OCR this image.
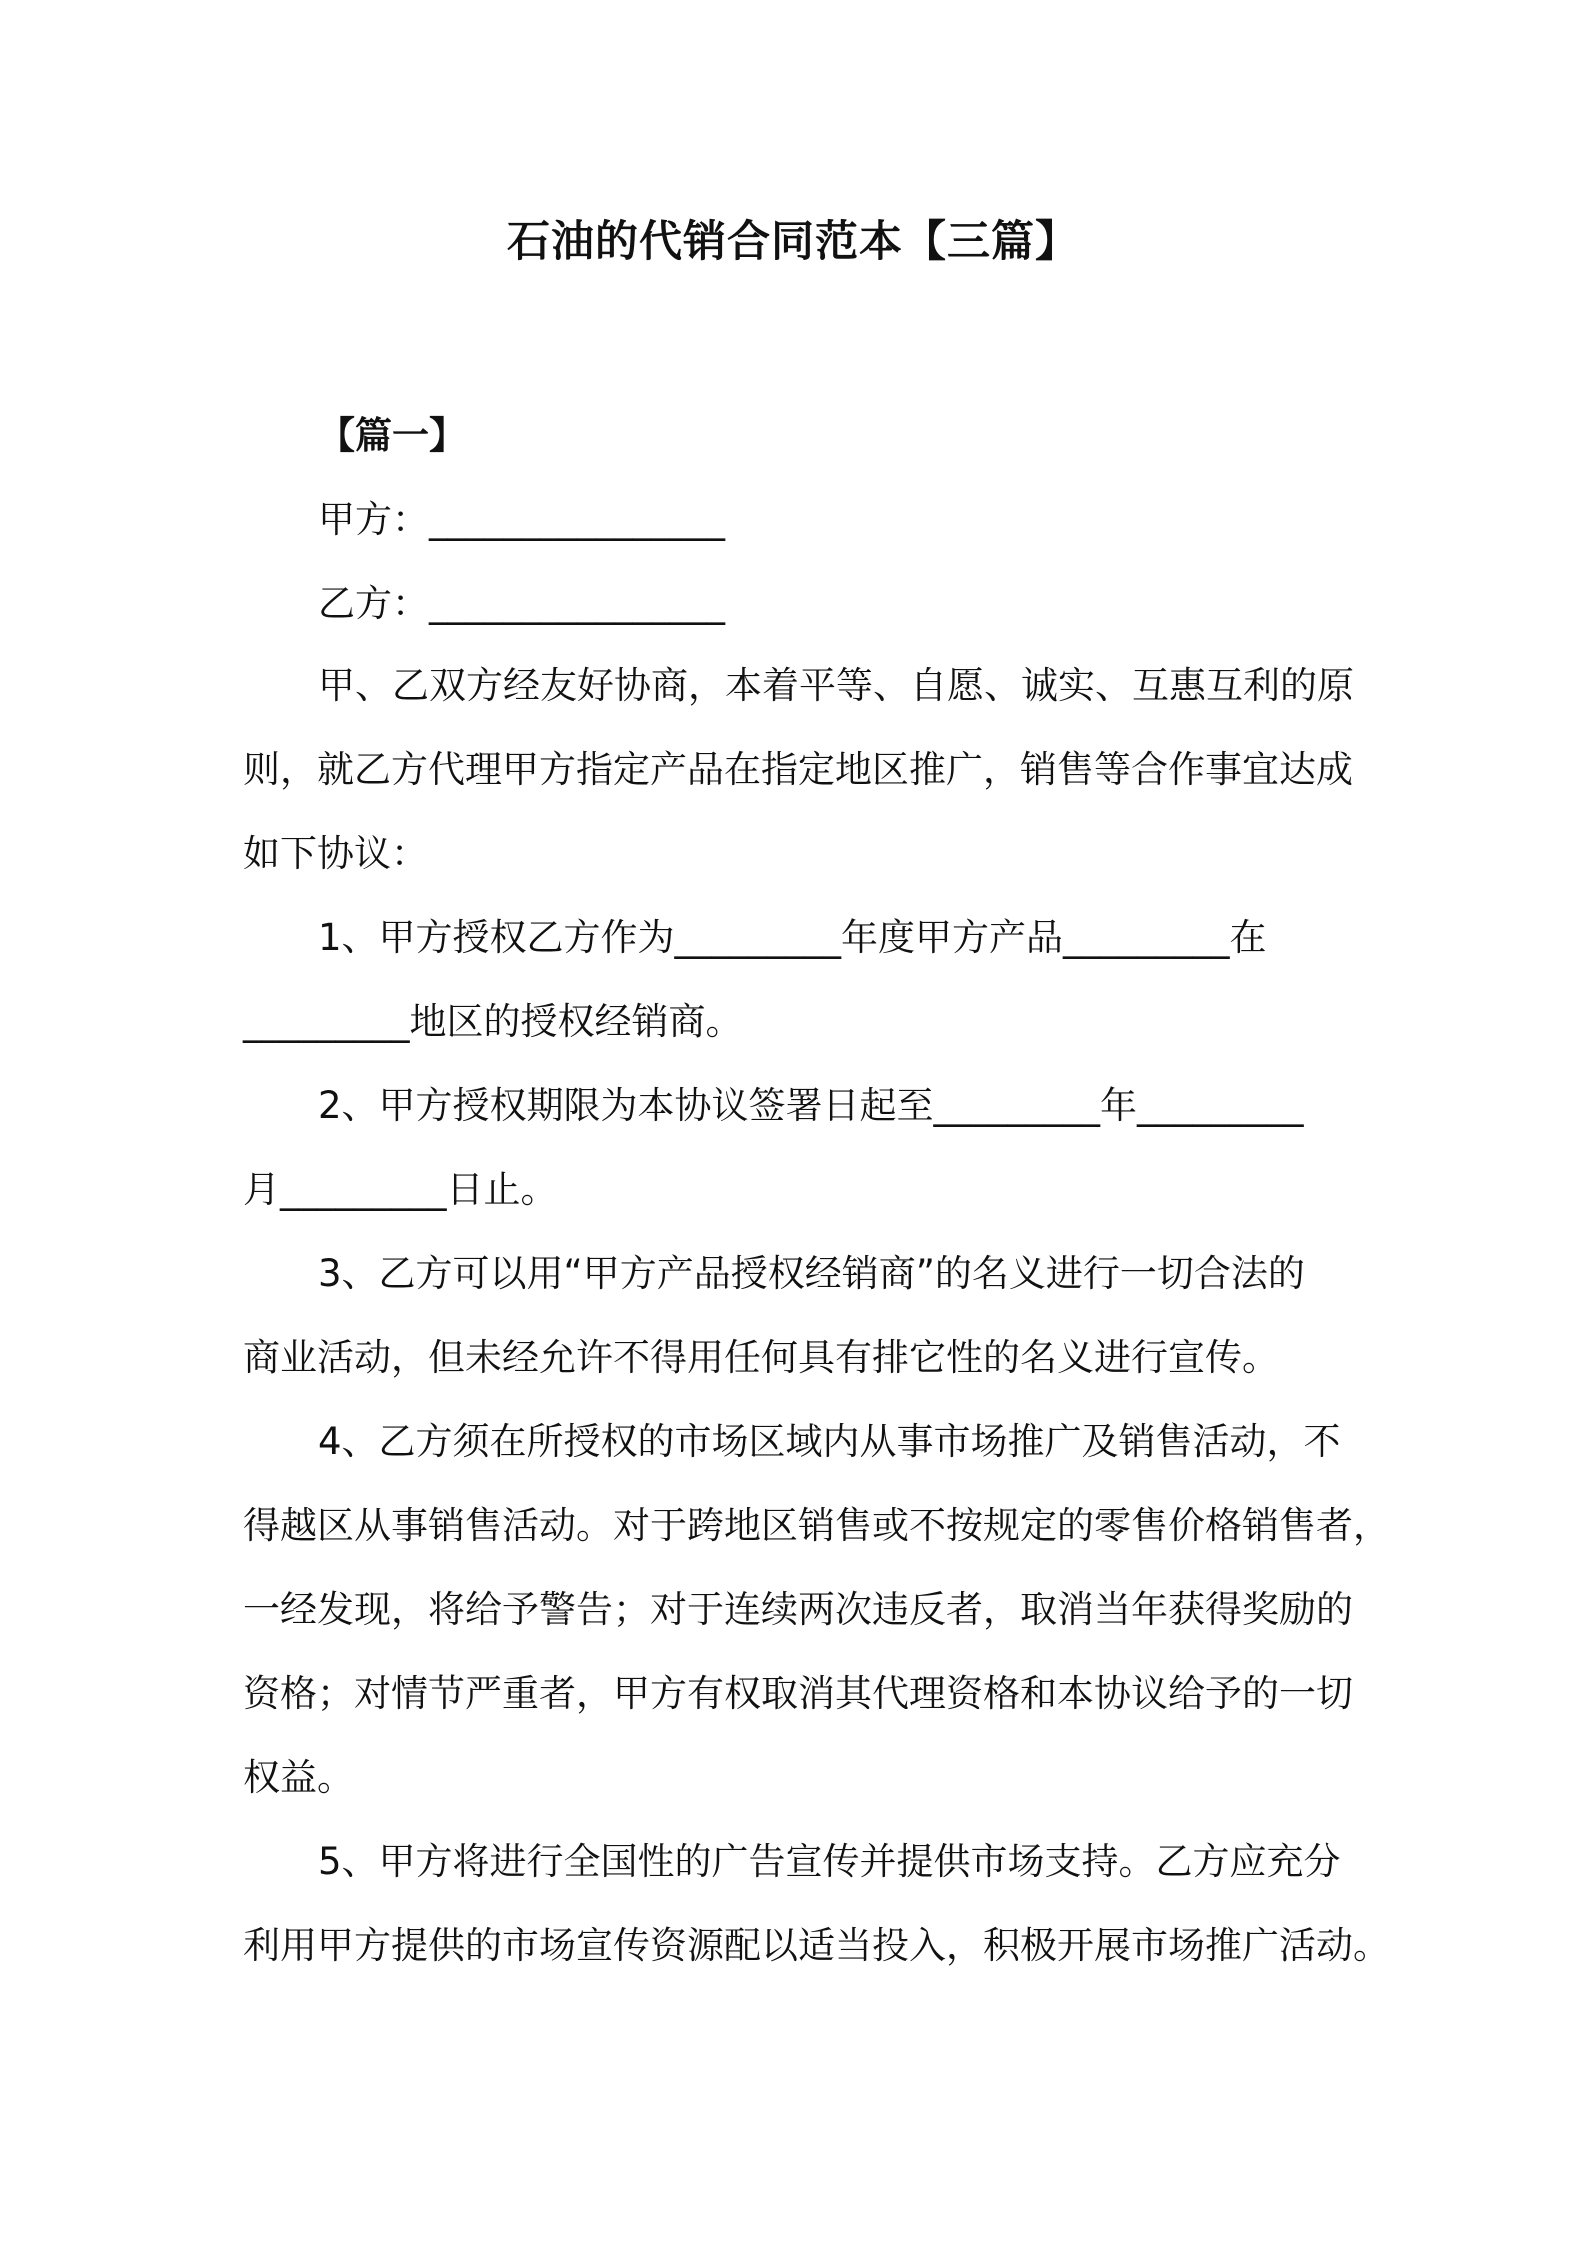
石油的代销合同范本【三篇】
【篇一】
甲方：________________
乙方：________________
甲、乙双方经友好协商，本着平等、自愿、诚实、互惠互利的原
则，就乙方代理甲方指定产品在指定地区推广，销售等合作事宜达成
如下协议：
1、甲方授权乙方作为_________年度甲方产品_________在
_________地区的授权经销商。
2、甲方授权期限为本协议签署日起至_________年_________
月_________日止。
3、乙方可以用“甲方产品授权经销商”的名义进行一切合法的
商业活动，但未经允许不得用任何具有排它性的名义进行宣传。
4、乙方须在所授权的市场区域内从事市场推广及销售活动，不
得越区从事销售活动。对于跨地区销售或不按规定的零售价格销售者，
一经发现，将给予警告；对于连续两次违反者，取消当年获得奖励的
资格；对情节严重者，甲方有权取消其代理资格和本协议给予的一切
权益。
5、甲方将进行全国性的广告宣传并提供市场支持。乙方应充分
利用甲方提供的市场宣传资源配以适当投入，积极开展市场推广活动。
